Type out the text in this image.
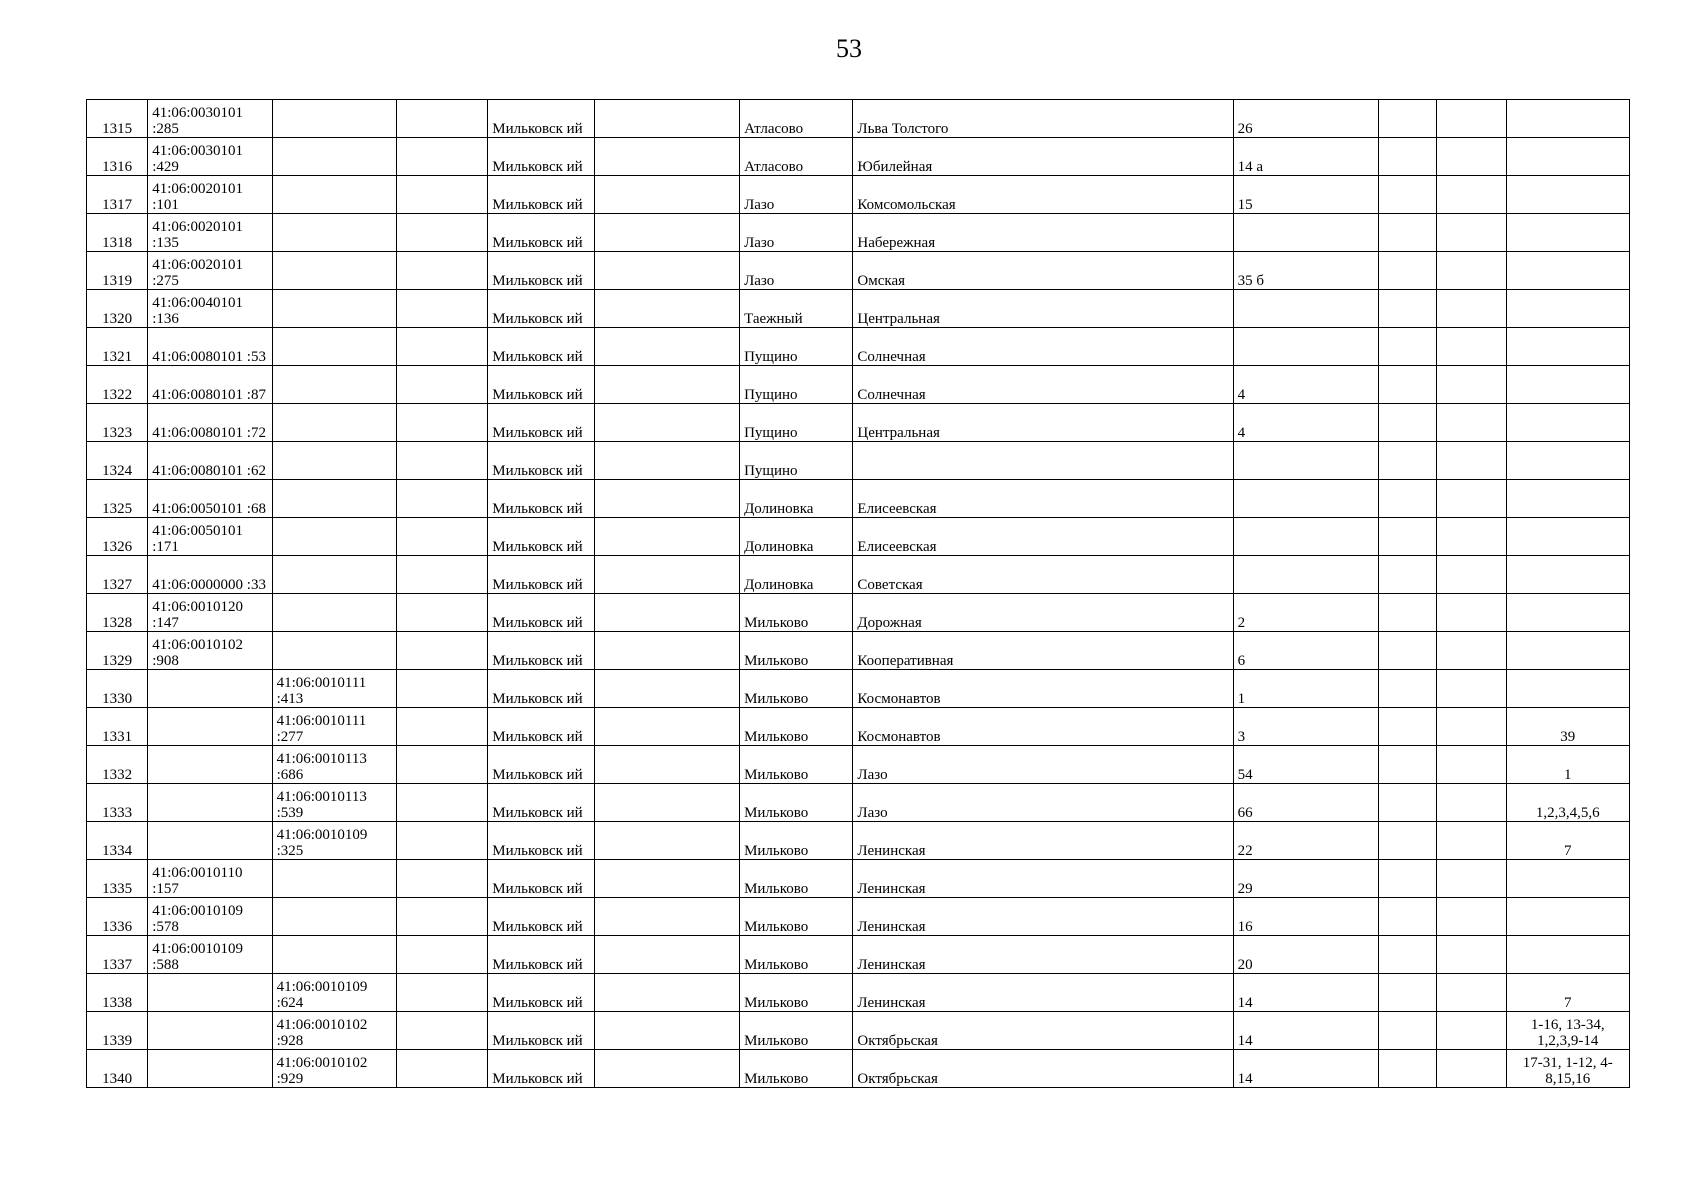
53
1315	41:06:0030101 :285			Мильковск ий		Атласово	Льва Толстого	26			
1316	41:06:0030101 :429			Мильковск ий		Атласово	Юбилейная	14 а			
1317	41:06:0020101 :101			Мильковск ий		Лазо	Комсомольская	15			
1318	41:06:0020101 :135			Мильковск ий		Лазо	Набережная				
1319	41:06:0020101 :275			Мильковск ий		Лазо	Омская	35 б			
1320	41:06:0040101 :136			Мильковск ий		Таежный	Центральная				
1321	41:06:0080101 :53			Мильковск ий		Пущино	Солнечная				
1322	41:06:0080101 :87			Мильковск ий		Пущино	Солнечная	4			
1323	41:06:0080101 :72			Мильковск ий		Пущино	Центральная	4			
1324	41:06:0080101 :62			Мильковск ий		Пущино					
1325	41:06:0050101 :68			Мильковск ий		Долиновка	Елисеевская				
1326	41:06:0050101 :171			Мильковск ий		Долиновка	Елисеевская				
1327	41:06:0000000 :33			Мильковск ий		Долиновка	Советская				
1328	41:06:0010120 :147			Мильковск ий		Мильково	Дорожная	2			
1329	41:06:0010102 :908			Мильковск ий		Мильково	Кооперативная	6			
1330		41:06:0010111 :413		Мильковск ий		Мильково	Космонавтов	1			
1331		41:06:0010111 :277		Мильковск ий		Мильково	Космонавтов	3			39
1332		41:06:0010113 :686		Мильковск ий		Мильково	Лазо	54			1
1333		41:06:0010113 :539		Мильковск ий		Мильково	Лазо	66			1,2,3,4,5,6
1334		41:06:0010109 :325		Мильковск ий		Мильково	Ленинская	22			7
1335	41:06:0010110 :157			Мильковск ий		Мильково	Ленинская	29			
1336	41:06:0010109 :578			Мильковск ий		Мильково	Ленинская	16			
1337	41:06:0010109 :588			Мильковск ий		Мильково	Ленинская	20			
1338		41:06:0010109 :624		Мильковск ий		Мильково	Ленинская	14			7
1339		41:06:0010102 :928		Мильковск ий		Мильково	Октябрьская	14			1-16, 13-34, 1,2,3,9-14
1340		41:06:0010102 :929		Мильковск ий		Мильково	Октябрьская	14			17-31, 1-12, 4-8,15,16
